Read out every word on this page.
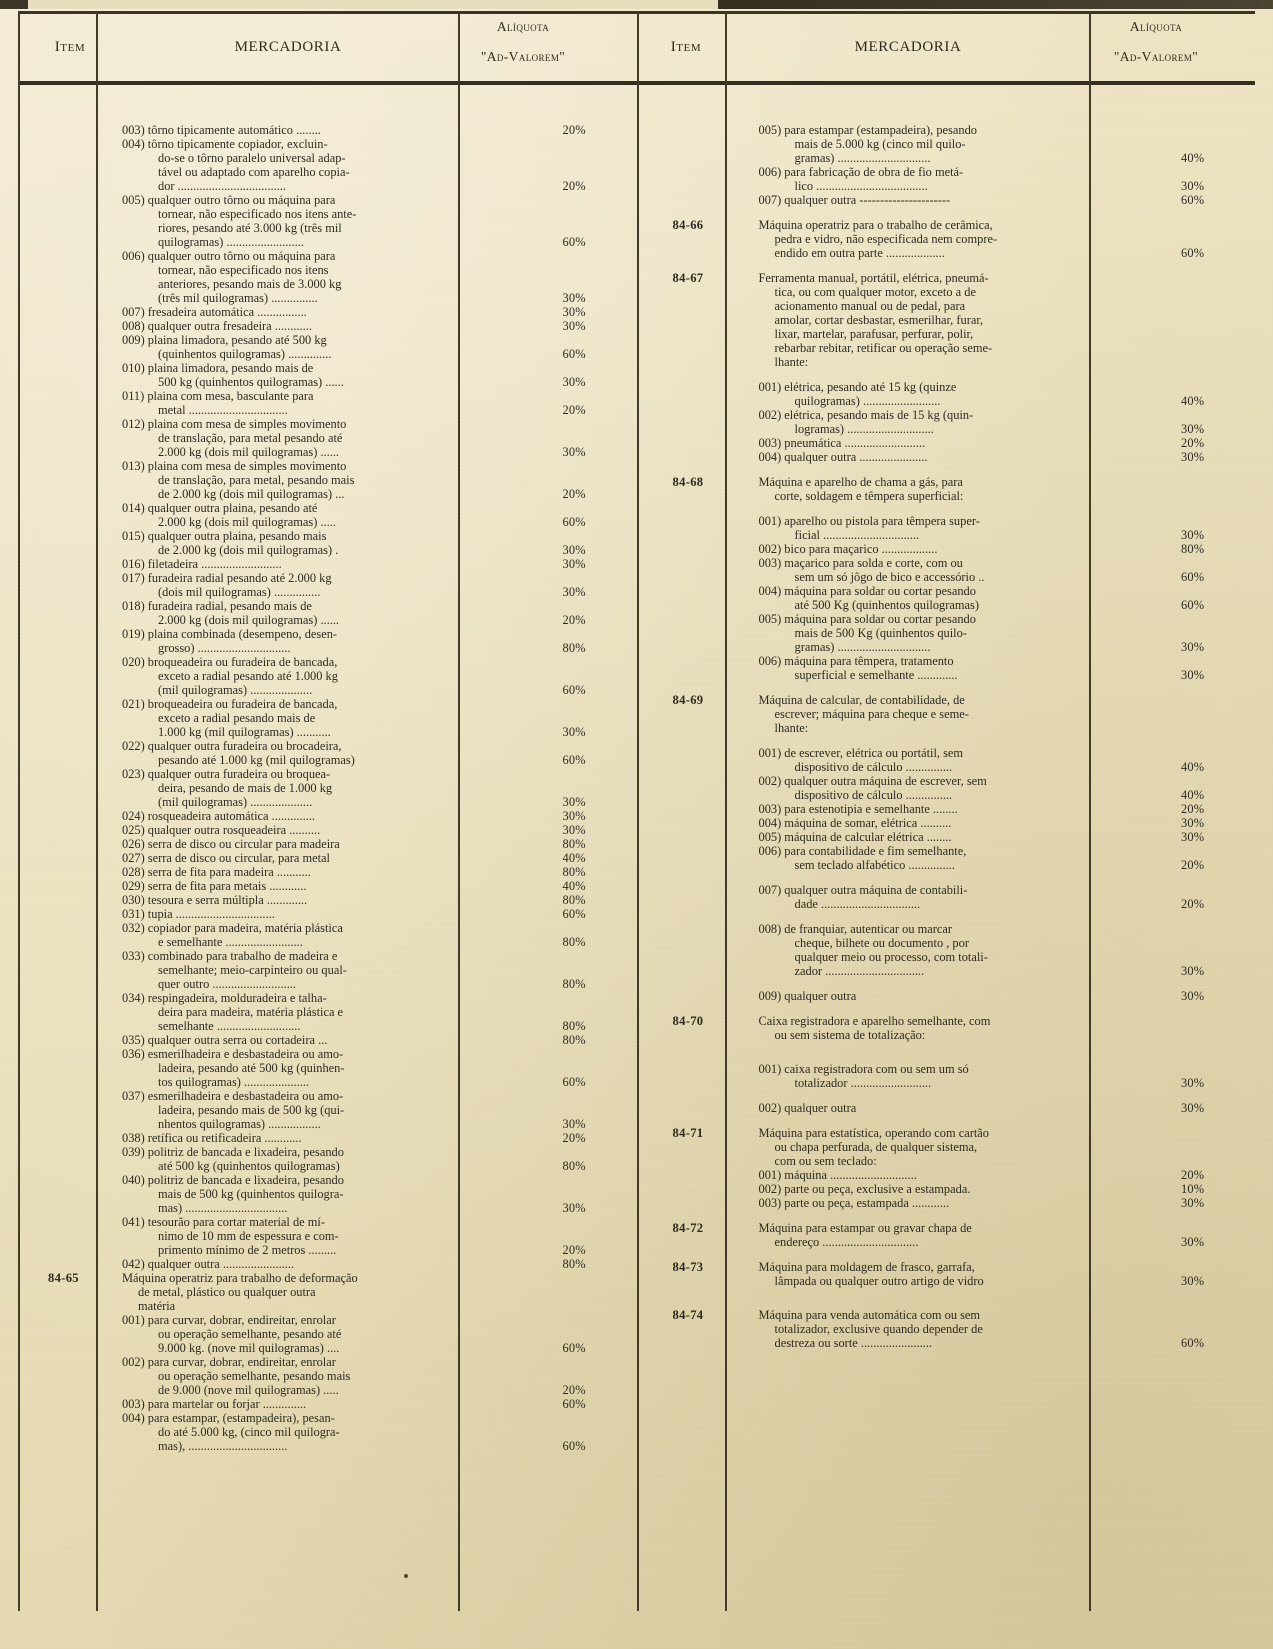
Item	MERCADORIA
Alíquota
"Ad-Valorem"
Item	MERCADORIA
Alíquota
"Ad-Valorem"
	003) tôrno tipicamente automático ........	20%
	004) tôrno tipicamente copiador, excluin-	
	do-se o tôrno paralelo universal adap-	
	tável ou adaptado com aparelho copia-	
	dor ...................................	20%
	005) qualquer outro tôrno ou máquina para	
	tornear, não especificado nos itens ante-	
	riores, pesando até 3.000 kg (três mil	
	quilogramas) .........................	60%
	006) qualquer outro tôrno ou máquina para	
	tornear, não especificado nos itens	
	anteriores, pesando mais de 3.000 kg	
	(três mil quilogramas) ...............	30%
	007) fresadeira automática ................	30%
	008) qualquer outra fresadeira ............	30%
	009) plaina limadora, pesando até 500 kg	
	(quinhentos quilogramas) ..............	60%
	010) plaina limadora, pesando mais de	
	500 kg (quinhentos quilogramas) ......	30%
	011) plaina com mesa, basculante para	
	metal ................................	20%
	012) plaina com mesa de simples movimento	
	de translação, para metal pesando até	
	2.000 kg (dois mil quilogramas) ......	30%
	013) plaina com mesa de simples movimento	
	de translação, para metal, pesando mais	
	de 2.000 kg (dois mil quilogramas) ...	20%
	014) qualquer outra plaina, pesando até	
	2.000 kg (dois mil quilogramas) .....	60%
	015) qualquer outra plaina, pesando mais	
	de 2.000 kg (dois mil quilogramas) .	30%
	016) filetadeira ..........................	30%
	017) furadeira radial pesando até 2.000 kg	
	(dois mil quilogramas) ...............	30%
	018) furadeira radial, pesando mais de	
	2.000 kg (dois mil quilogramas) ......	20%
	019) plaina combinada (desempeno, desen-	
	grosso) ..............................	80%
	020) broqueadeira ou furadeira de bancada,	
	exceto a radial pesando até 1.000 kg	
	(mil quilogramas) ....................	60%
	021) broqueadeira ou furadeira de bancada,	
	exceto a radial pesando mais de	
	1.000 kg (mil quilogramas) ...........	30%
	022) qualquer outra furadeira ou brocadeira,	
	pesando até 1.000 kg (mil quilogramas)	60%
	023) qualquer outra furadeira ou broquea-	
	deira, pesando de mais de 1.000 kg	
	(mil quilogramas) ....................	30%
	024) rosqueadeira automática ..............	30%
	025) qualquer outra rosqueadeira ..........	30%
	026) serra de disco ou circular para madeira	80%
	027) serra de disco ou circular, para metal	40%
	028) serra de fita para madeira ...........	80%
	029) serra de fita para metais ............	40%
	030) tesoura e serra múltipla .............	80%
	031) tupia ................................	60%
	032) copiador para madeira, matéria plástica	
	e semelhante .........................	80%
	033) combinado para trabalho de madeira e	
	semelhante; meio-carpinteiro ou qual-	
	quer outro ...........................	80%
	034) respingadeira, molduradeira e talha-	
	deira para madeira, matéria plástica e	
	semelhante ...........................	80%
	035) qualquer outra serra ou cortadeira ...	80%
	036) esmerilhadeira e desbastadeira ou amo-	
	ladeira, pesando até 500 kg (quinhen-	
	tos quilogramas) .....................	60%
	037) esmerilhadeira e desbastadeira ou amo-	
	ladeira, pesando mais de 500 kg (qui-	
	nhentos quilogramas) .................	30%
	038) retífica ou retificadeira ............	20%
	039) politriz de bancada e lixadeira, pesando	
	até 500 kg (quinhentos quilogramas)	80%
	040) politriz de bancada e lixadeira, pesando	
	mais de 500 kg (quinhentos quilogra-	
	mas) .................................	30%
	041) tesourão para cortar material de mí-	
	nimo de 10 mm de espessura e com-	
	primento mínimo de 2 metros .........	20%
	042) qualquer outra .......................	80%
84-65	Máquina operatriz para trabalho de deformação	
	de metal, plástico ou qualquer outra	
	matéria	
	001) para curvar, dobrar, endireitar, enrolar	
	ou operação semelhante, pesando até	
	9.000 kg. (nove mil quilogramas) ....	60%
	002) para curvar, dobrar, endireitar, enrolar	
	ou operação semelhante, pesando mais	
	de 9.000 (nove mil quilogramas) .....	20%
	003) para martelar ou forjar ..............	60%
	004) para estampar, (estampadeira), pesan-	
	do até 5.000 kg, (cinco mil quilogra-	
	mas), ................................	60%
	005) para estampar (estampadeira), pesando	
	mais de 5.000 kg (cinco mil quilo-	
	gramas) ..............................	40%
	006) para fabricação de obra de fio metá-	
	lico ....................................	30%
	007) qualquer outra ----------------------	60%

84-66	Máquina operatriz para o trabalho de cerâmica,	
	pedra e vidro, não especificada nem compre-	
	endido em outra parte ...................	60%

84-67	Ferramenta manual, portátil, elétrica, pneumá-	
	tica, ou com qualquer motor, exceto a de	
	acionamento manual ou de pedal, para	
	amolar, cortar desbastar, esmerilhar, furar,	
	lixar, martelar, parafusar, perfurar, polir,	
	rebarbar rebitar, retificar ou operação seme-	
	lhante:	

	001) elétrica, pesando até 15 kg (quinze	
	quilogramas) .........................	40%
	002) elétrica, pesando mais de 15 kg (quin-	
	logramas) ............................	30%
	003) pneumática ..........................	20%
	004) qualquer outra ......................	30%

84-68	Máquina e aparelho de chama a gás, para	
	corte, soldagem e têmpera superficial:	

	001) aparelho ou pistola para têmpera super-	
	ficial ...............................	30%
	002) bico para maçarico ..................	80%
	003) maçarico para solda e corte, com ou	
	sem um só jôgo de bico e accessório ..	60%
	004) máquina para soldar ou cortar pesando	
	até 500 Kg (quinhentos quilogramas)	60%
	005) máquina para soldar ou cortar pesando	
	mais de 500 Kg (quinhentos quilo-	
	gramas) ..............................	30%
	006) máquina para têmpera, tratamento	
	superficial e semelhante .............	30%

84-69	Máquina de calcular, de contabilidade, de	
	escrever; máquina para cheque e seme-	
	lhante:	

	001) de escrever, elétrica ou portátil, sem	
	dispositivo de cálculo ...............	40%
	002) qualquer outra máquina de escrever, sem	
	dispositivo de cálculo ...............	40%
	003) para estenotipia e semelhante ........	20%
	004) máquina de somar, elétrica ..........	30%
	005) máquina de calcular elétrica ........	30%
	006) para contabilidade e fim semelhante,	
	sem teclado alfabético ...............	20%

	007) qualquer outra máquina de contabili-	
	dade ................................	20%

	008) de franquiar, autenticar ou marcar	
	cheque, bilhete ou documento , por	
	qualquer meio ou processo, com totali-	
	zador ................................	30%

	009) qualquer outra	30%

84-70	Caixa registradora e aparelho semelhante, com	
	ou sem sistema de totalização:	

	001) caixa registradora com ou sem um só	
	totalizador ..........................	30%

	002) qualquer outra	30%

84-71	Máquina para estatística, operando com cartão	
	ou chapa perfurada, de qualquer sistema,	
	com ou sem teclado:	
	001) máquina ............................	20%
	002) parte ou peça, exclusive a estampada.	10%
	003) parte ou peça, estampada ............	30%

84-72	Máquina para estampar ou gravar chapa de	
	endereço ...............................	30%

84-73	Máquina para moldagem de frasco, garrafa,	
	lâmpada ou qualquer outro artigo de vidro	30%

84-74	Máquina para venda automática com ou sem	
	totalizador, exclusive quando depender de	
	destreza ou sorte .......................	60%
